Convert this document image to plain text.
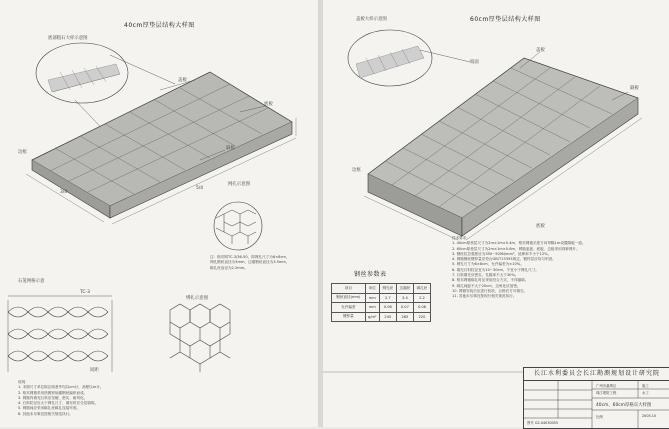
40cm厚垫层结构大样图
底部粗石大样示意图
网孔示意图
石笼网格示意
绑扎示意图
盖板
隔板
底板
边框
3/4
5/4
TC-3
间距
注：格宾网TC-3/36-50，即网孔尺寸为6×8cm，
网孔钢丝直径为3mm，边端钢丝直径为3.5mm，
绑扎丝直径为2.2mm。
说明：
1. 本图尺寸单位除注明者外均以cm计，高程以m计。
2. 格宾网箱采用热镀锌低碳钢丝编织而成。
3. 网箱内填充石料应坚硬、密实、耐风化。
4. 石料粒径应大于网孔尺寸，填充时应分层填筑。
5. 网箱间应采用绑扎丝绑扎连接牢固。
6. 其他未尽事宜按相关规范执行。
60cm厚垫层结构大样图
盖板大样示意图
盖板
隔板
边框
底板
坡面
钢丝参数表
项目	单位	网孔丝	边端丝	绑扎丝
钢丝直径(mm)	mm	2.7	3.4	2.2
允许偏差	mm	0.06	0.07	0.06
镀锌量	g/m²	245	265	220
技术要求：
1. 40cm厚垫层尺寸为2m×1m×0.4m，格宾网箱长度方向每隔1m设置隔板一道。
2. 60cm厚垫层尺寸为2m×1m×0.6m，网箱盖板、底板、边板采用同种网片。
3. 钢丝抗拉强度应为350~500N/mm²，延伸率不小于12%。
4. 网箱钢丝镀锌量应符合GB/T15393规定，镀锌层应均匀牢固。
5. 网孔尺寸为6×8cm，允许偏差为±10%。
6. 填充石料粒径宜为10~30cm，不宜小于网孔尺寸。
7. 石料填充应密实，孔隙率不大于30%。
8. 格宾网箱绑扎时应采用绞合方式，不得漏绑。
9. 绑扎间距不大于20cm，边角处应加密。
10. 网箱安装后应进行验收，合格后方可填石。
11. 其他未尽事宜按现行相关规范执行。
长江水利委员会长江勘测规划设计研究院
广州市番禺区
珠江堤防工程
施工
水工
40cm、60cm厚格宾大样图
比例	2005.10
图号 G2-04030055
